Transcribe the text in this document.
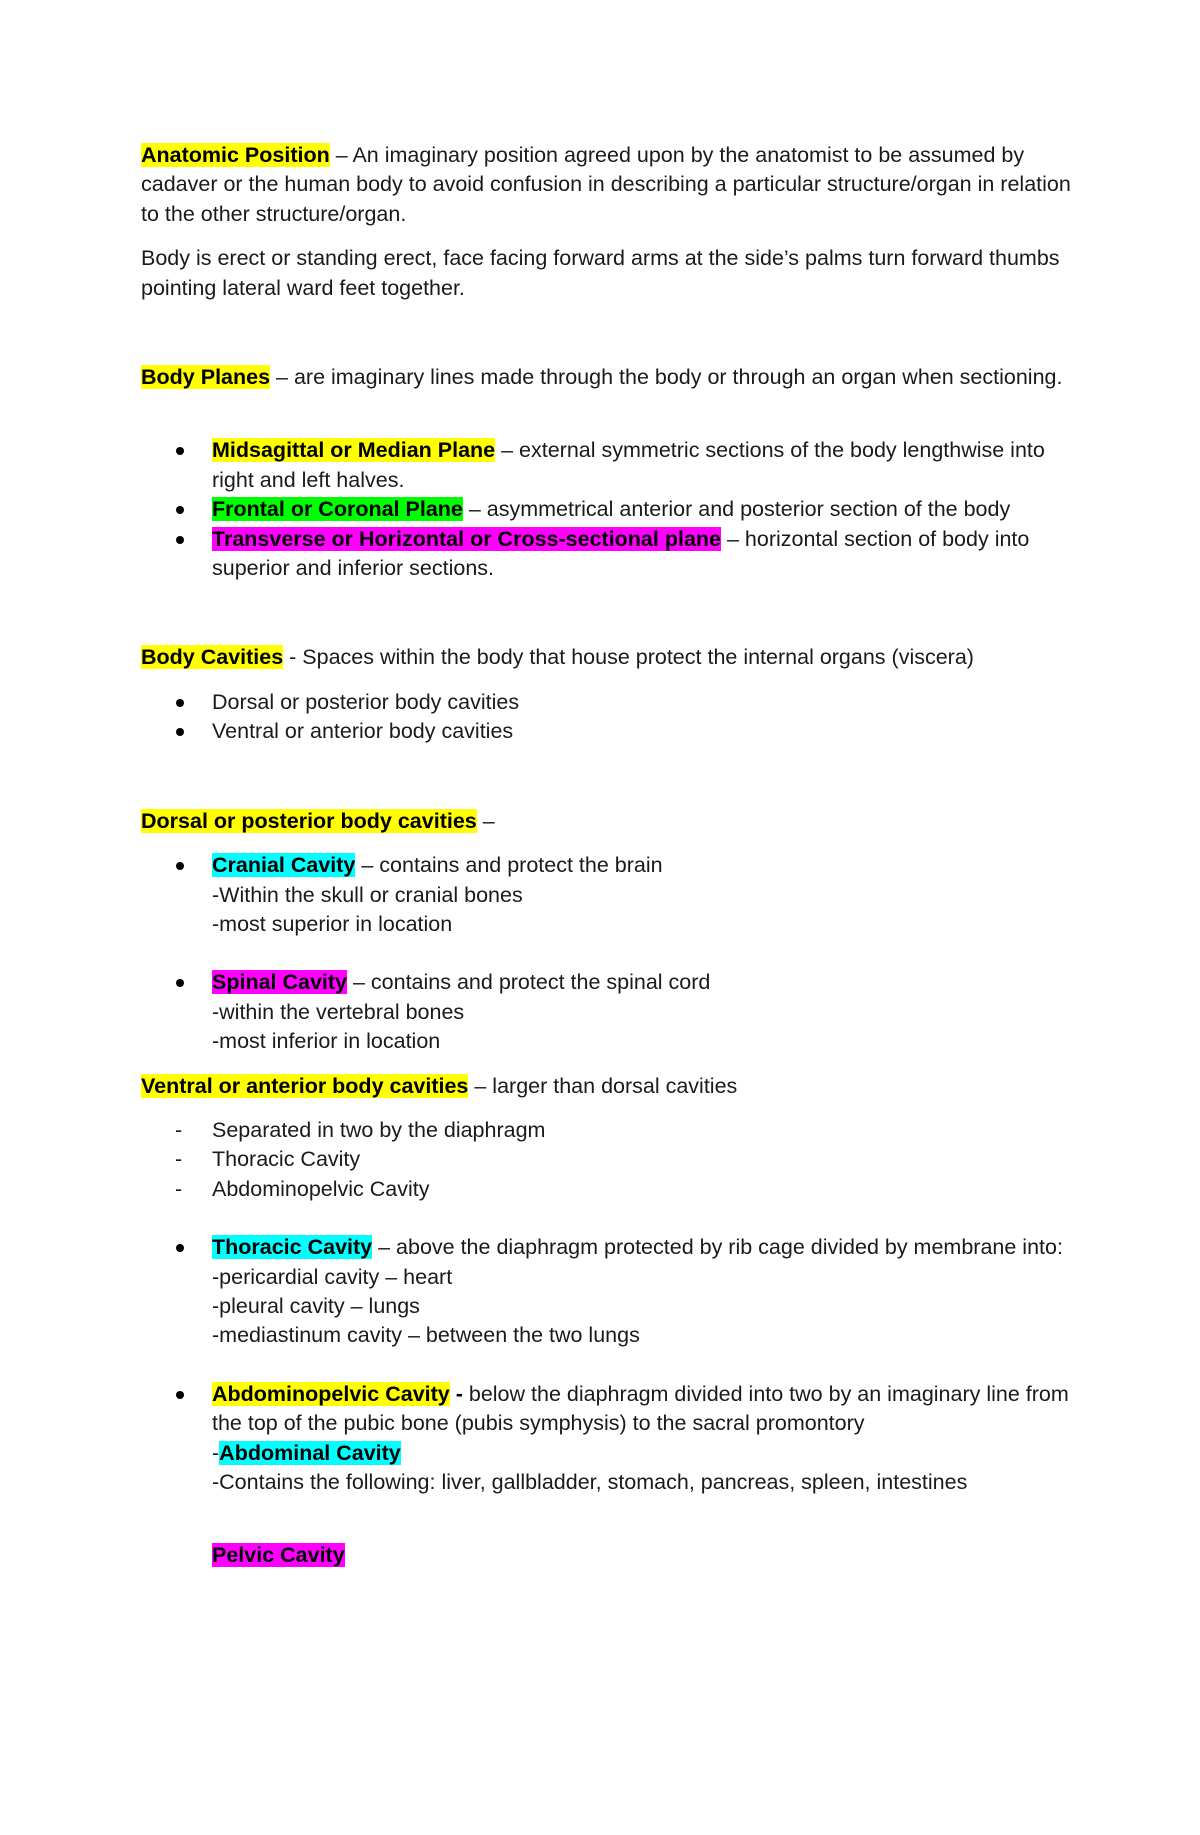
Anatomic Position – An imaginary position agreed upon by the anatomist to be assumed by cadaver or the human body to avoid confusion in describing a particular structure/organ in relation to the other structure/organ.

Body is erect or standing erect, face facing forward arms at the side’s palms turn forward thumbs pointing lateral ward feet together.

Body Planes – are imaginary lines made through the body or through an organ when sectioning.

Midsagittal or Median Plane – external symmetric sections of the body lengthwise into right and left halves.
Frontal or Coronal Plane – asymmetrical anterior and posterior section of the body
Transverse or Horizontal or Cross-sectional plane – horizontal section of body into superior and inferior sections.

Body Cavities - Spaces within the body that house protect the internal organs (viscera)

Dorsal or posterior body cavities
Ventral or anterior body cavities

Dorsal or posterior body cavities –

Cranial Cavity – contains and protect the brain
-Within the skull or cranial bones
-most superior in location
Spinal Cavity – contains and protect the spinal cord
-within the vertebral bones
-most inferior in location

Ventral or anterior body cavities – larger than dorsal cavities

- Separated in two by the diaphragm
- Thoracic Cavity
- Abdominopelvic Cavity
Thoracic Cavity – above the diaphragm protected by rib cage divided by membrane into:
-pericardial cavity – heart
-pleural cavity – lungs
-mediastinum cavity – between the two lungs
Abdominopelvic Cavity - below the diaphragm divided into two by an imaginary line from the top of the pubic bone (pubis symphysis) to the sacral promontory
-Abdominal Cavity
-Contains the following: liver, gallbladder, stomach, pancreas, spleen, intestines
Pelvic Cavity
